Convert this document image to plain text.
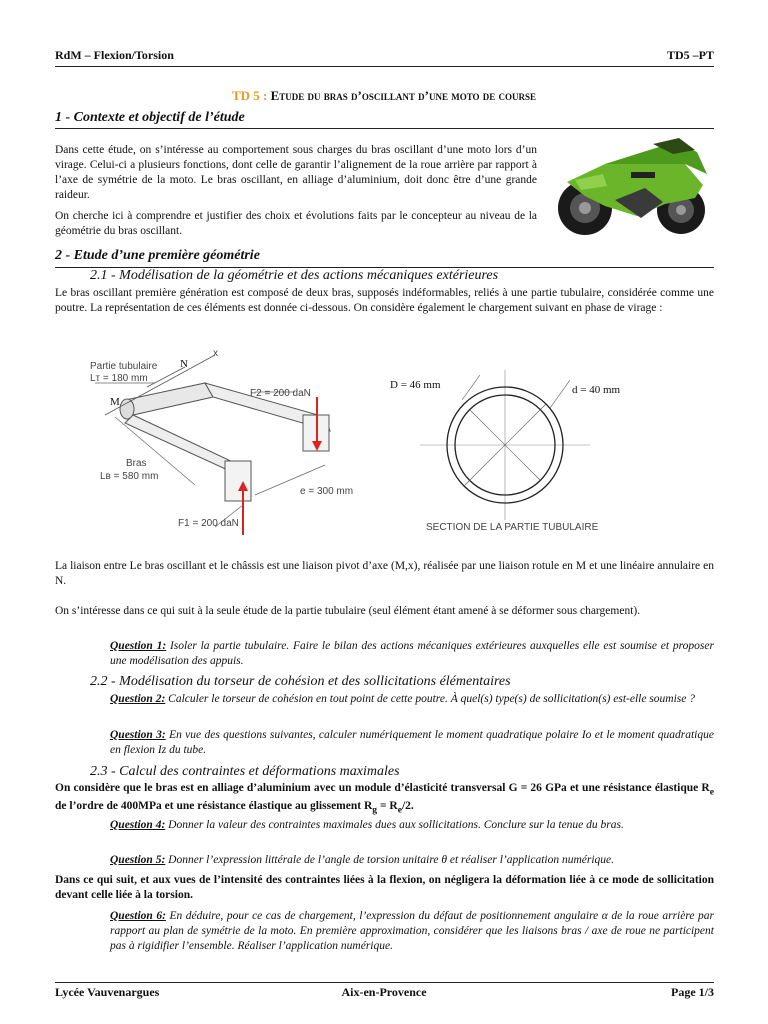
RdM – Flexion/Torsion	TD5 –PT
TD 5 : Etude du bras d’oscillant d’une moto de course
1 - Contexte et objectif de l’étude
Dans cette étude, on s’intéresse au comportement sous charges du bras oscillant d’une moto lors d’un virage. Celui-ci a plusieurs fonctions, dont celle de garantir l’alignement de la roue arrière par rapport à l’axe de symétrie de la moto. Le bras oscillant, en alliage d’aluminium, doit donc être d’une grande raideur.
On cherche ici à comprendre et justifier des choix et évolutions faits par le concepteur au niveau de la géométrie du bras oscillant.
2 - Etude d’une première géométrie
2.1 - Modélisation de la géométrie et des actions mécaniques extérieures
Le bras oscillant première génération est composé de deux bras, supposés indéformables, reliés à une partie tubulaire, considérée comme une poutre. La représentation de ces éléments est donnée ci-dessous. On considère également le chargement suivant en phase de virage :
Partie tubulaire
Lт = 180 mm
N
M
x
F2 = 200 daN
Bras
Lв = 580 mm
e = 300 mm
F1 = 200 daN
D = 46 mm	d = 40 mm
SECTION DE LA PARTIE TUBULAIRE
La liaison entre Le bras oscillant et le châssis est une liaison pivot d’axe (M,x), réalisée par une liaison rotule en M et une linéaire annulaire en N.
On s’intéresse dans ce qui suit à la seule étude de la partie tubulaire (seul élément étant amené à se déformer sous chargement).
Question 1: Isoler la partie tubulaire. Faire le bilan des actions mécaniques extérieures auxquelles elle est soumise et proposer une modélisation des appuis.
2.2 - Modélisation du torseur de cohésion et des sollicitations élémentaires
Question 2: Calculer le torseur de cohésion en tout point de cette poutre. À quel(s) type(s) de sollicitation(s) est-elle soumise ?
Question 3: En vue des questions suivantes, calculer numériquement le moment quadratique polaire Io et le moment quadratique en flexion Iz du tube.
2.3 - Calcul des contraintes et déformations maximales
On considère que le bras est en alliage d’aluminium avec un module d’élasticité transversal G = 26 GPa et une résistance élastique $R_e$ de l’ordre de 400MPa et une résistance élastique au glissement $R_g = R_e/2$.
Question 4: Donner la valeur des contraintes maximales dues aux sollicitations. Conclure sur la tenue du bras.
Question 5: Donner l’expression littérale de l’angle de torsion unitaire θ et réaliser l’application numérique.
Dans ce qui suit, et aux vues de l’intensité des contraintes liées à la flexion, on négligera la déformation liée à ce mode de sollicitation devant celle liée à la torsion.
Question 6: En déduire, pour ce cas de chargement, l’expression du défaut de positionnement angulaire α de la roue arrière par rapport au plan de symétrie de la moto. En première approximation, considérer que les liaisons bras / axe de roue ne participent pas à rigidifier l’ensemble. Réaliser l’application numérique.
Lycée Vauvenargues	Aix-en-Provence	Page 1/3
